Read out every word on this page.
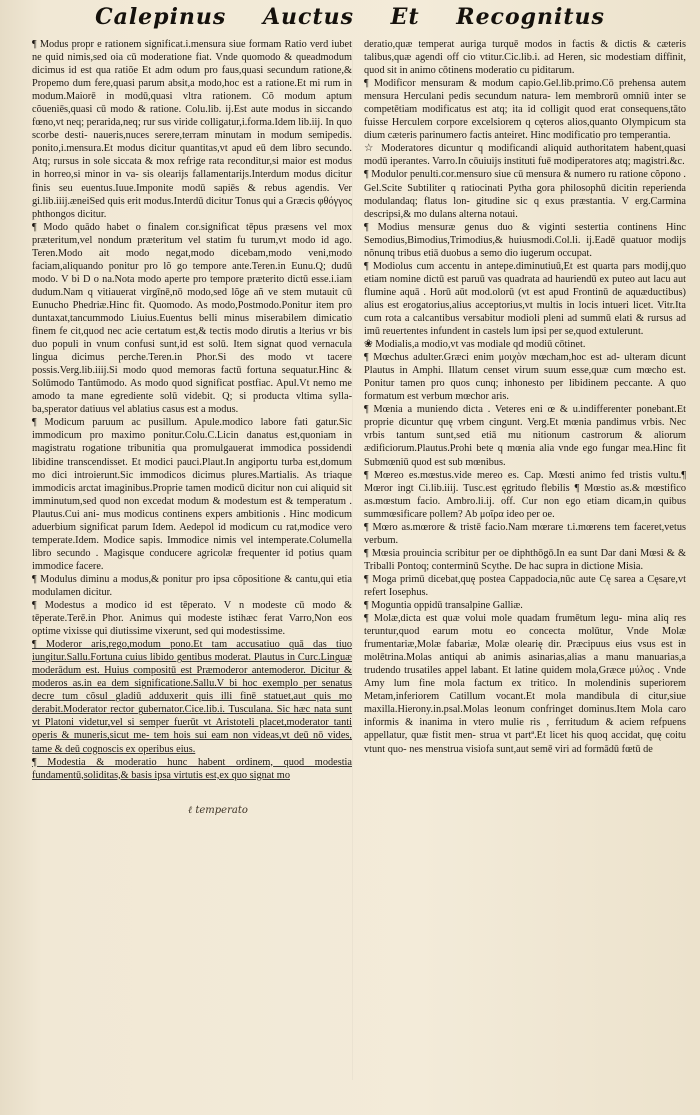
Calepinus Auctus Et Recognitus

¶ Modus propr e rationem significat.i.mensura siue formam Ratio verd iubet ne quid nimis,sed oia cū moderatione fiat. Vnde quomodo & queadmodum dicimus id est qua ratiõe Et adm odum pro faus,quasi secundum ratione,& Propemo dum fere,quasi parum absit,a modo,hoc est a ratione.Et mi rum in modum.Maiorē in modū,quasi vltra rationem. Cõ modum aptum cõueniēs,quasi cū modo & ratione. Colu.lib. ij.Est aute modus in siccando fœno,vt neq; perarida,neq; rur sus viride colligatur,i.forma.Idem lib.iij. In quo scorbe desti- naueris,nuces serere,terram minutam in modum semipedis. ponito,i.mensura.Et modus dicitur quantitas,vt apud eū dem libro secundo. Atq; rursus in sole siccata & mox refrige rata reconditur,si maior est modus in horreo,si minor in va- sis olearijs fallamentarijs.Interdum modus dicitur finis seu euentus.Iuue.Imponite modū sapiēs & rebus agendis. Ver gi.lib.iiij.æneiSed quis erit modus.Interdū dicitur Tonus qui a Græcis φθόγγος phthongos dicitur.

¶ Modo quādo habet o finalem cor.significat tēpus præsens vel mox præteritum,vel nondum præteritum vel statim fu turum,vt modo id ago. Teren.Modo ait modo negat,modo dicebam,modo veni,modo faciam,aliquando ponitur pro lõ go tempore ante.Teren.in Eunu.Q; dudū modo. V bi D o na.Nota modo aperte pro tempore præterito dictū esse.i.iam dudum.Nam q vitiauerat virgīnē,nō modo,sed lõge añ ve stem mutauit cū Eunucho Phedriæ.Hinc fit. Quomodo. As modo,Postmodo.Ponitur item pro duntaxat,tancummodo Liuius.Euentus belli minus miserabilem dimicatio finem fe cit,quod nec acie certatum est,& tectis modo dirutis a lterius vr bis duo populi in vnum confusi sunt,id est solū. Item signat quod vernacula lingua dicimus perche.Teren.in Phor.Si des modo vt tacere possis.Verg.lib.iiij.Si modo quod memoras factū fortuna sequatur.Hinc & Solūmodo Tantūmodo. As modo quod significat postfiac. Apul.Vt nemo me amodo ta mane egrediente solū videbit. Q; si producta vltima sylla- ba,sperator datiuus vel ablatius casus est a modus.

¶ Modicum paruum ac pusillum. Apule.modico labore fati gatur.Sic immodicum pro maximo ponitur.Colu.C.Licin danatus est,quoniam in magistratu rogatione tribunitia qua promulgauerat immodica possidendi libidine transcendisset. Et modici pauci.Plaut.In angiportu turba est,domum mo dici introierunt.Sic immodicos dicimus plures.Martialis. As triaque immodicis arctat imaginibus.Proprie tamen modicū dicitur non cui aliquid sit imminutum,sed quod non excedat modum & modestum est & temperatum . Plautus.Cui ani- mus modicus continens expers ambitionis . Hinc modicum aduerbium significat parum Idem. Aedepol id modicum cu rat,modice vero temperate.Idem. Modice sapis. Immodice nimis vel intemperate.Columella libro secundo . Magisque conducere agricolæ frequenter id potius quam immodice facere.

¶ Modulus diminu a modus,& ponitur pro ipsa cõpositione & cantu,qui etia modulamen dicitur.

¶ Modestus a modico id est tēperato. V n modeste cū modo & tēperate.Terē.in Phor. Animus qui modeste istihæc ferat Varro,Non eos optime vixisse qui diutissime vixerunt, sed qui modestissime.

¶ Moderor aris,rego,modum pono.Et tam accusatiuo quā das tiuo iungitur.Sallu.Fortuna cuius libido gentibus moderat. Plautus in Curc.Linguæ moderādum est. Huius compositū est Præmoderor antemoderor. Dicitur & moderos as.in ea dem significatione.Sallu.V bi hoc exemplo per senatus decre tum cõsul gladiū adduxerit quis illi finē statuet,aut quis mo derabit.Moderator rector gubernator.Cice.lib.i. Tusculana. Sic hæc nata sunt vt Platoni videtur,vel si semper fuerūt vt Aristoteli placet,moderator tanti operis & muneris,sicut me- tem hois sui eam non videas,vt deū nō vides, tame & deū cognoscis ex operibus eius.

¶ Modestia & moderatio hunc habent ordinem, quod modestia fundamentū,soliditas,& basis ipsa virtutis est,ex quo signat mo

deratio,quæ temperat auriga turquē modos in factis & dictis & cæteris talibus,quæ agendi off cio vtitur.Cic.lib.i. ad Heren, sic modestiam diffinit, quod sit in animo cōtinens moderatio cu piditarum.

¶ Modificor mensuram & modum capio.Gel.lib.primo.Cō prehensa autem mensura Herculani pedis secundum natura- lem membrorū omniū inter se competētiam modificatus est atq; ita id colligit quod erat consequens,tāto fuisse Herculem corpore excelsiorem q cęteros alios,quanto Olympicum sta dium cæteris parinumero factis anteiret. Hinc modificatio pro temperantia.

☆ Moderatores dicuntur q modificandi aliquid authoritatem habent,quasi modū iperantes. Varro.In cōuiuijs instituti fuē modiperatores atq; magistri.&c.

¶ Modulor penulti.cor.mensuro siue cū mensura & numero ru ratione cõpono . Gel.Scite Subtiliter q ratiocinati Pytha gora philosophū dicitin reperienda modulandaq; flatus lon- gitudine sic q exus præstantia. V erg.Carmina descripsi,& mo dulans alterna notaui.

¶ Modius mensuræ genus duo & viginti sestertia continens Hinc Semodius,Bimodius,Trimodius,& huiusmodi.Col.li. ij.Eadē quatuor modijs nõnunq tribus etiā duobus a semo dio iugerum occupat.

¶ Modiolus cum accentu in antepe.diminutiuū,Et est quarta pars modij,quo etiam nomine dictū est paruū vas quadrata ad hauriendū ex puteo aut lacu aut flumine aquā . Horū aūt mod.olorū (vt est apud Frontinū de aquæductibus) alius est erogatorius,alius acceptorius,vt multis in locis intueri licet. Vitr.Ita cum rota a calcantibus versabitur modioli pleni ad summū elati & rursus ad imū reuertentes infundent in castels lum ipsi per se,quod extulerunt.

❀ Modialis,a modio,vt vas modiale qd modiū cōtinet.

¶ Mœchus adulter.Græci enim μοιχὸν mœcham,hoc est ad- ulteram dicunt Plautus in Amphi. Illatum censet virum suum esse,quæ cum mœcho est. Ponitur tamen pro quos cunq; inhonesto per libidinem peccante. A quo formatum est verbum mœchor aris.

¶ Mœnia a muniendo dicta . Veteres eni œ & u.indifferenter ponebant.Et proprie dicuntur quę vrbem cingunt. Verg.Et mœnia pandimus vrbis. Nec vrbis tantum sunt,sed etiā mu nitionum castrorum & aliorum ædificiorum.Plautus.Prohi bete q mœnia alia vnde ego fungar mea.Hinc fit Submœniū quod est sub mœnibus.

¶ Mœreo es.mœstus.vide mereo es. Cap. Mœsti animo fed tristis vultu.¶ Mœror ingt Ci.lib.iiij. Tusc.est ęgritudo flebilis ¶ Mœstio as.& mœstifico as.mœstum facio. Ambro.li.ij. off. Cur non ego etiam dicam,in quibus summœsificare pollem? Ab μοῖρα ideo per oe.

¶ Mœro as.mœrore & tristē facio.Nam mœrare t.i.mœrens tem faceret,vetus verbum.

¶ Mœsia prouincia scribitur per oe diphthōgō.In ea sunt Dar dani Mœsi & & Triballi Pontoq; conterminū Scythe. De hac supra in dictione Misia.

¶ Moga primū dicebat,quę postea Cappadocia,nūc aute Cę sarea a Cęsare,vt refert Iosephus.

¶ Moguntia oppidū transalpine Galliæ.

¶ Molæ,dicta est quæ volui mole quadam frumētum legu- mina aliq res teruntur,quod earum motu eo concecta molūtur, Vnde Molæ frumentariæ,Molæ fabariæ, Molæ olearię dir. Præcipuus eius vsus est in molētrina.Molas antiqui ab animis asinarias,alias a manu manuarias,a trudendo trusatiles appel labant. Et latine quidem mola,Græce μύλος . Vnde Amy lum fine mola factum ex tritico. In molendinis superiorem Metam,inferiorem Catillum vocant.Et mola mandibula di citur,siue maxilla.Hierony.in.psal.Molas leonum confringet dominus.Item Mola caro informis & inanima in vtero mulie ris , ferritudum & aciem refpuens appellatur, quæ fistit men- strua vt partª.Et licet his quoq accidat, quę coitu vtunt quo- nes menstrua visiofa sunt,aut semē viri ad formādū fœtū de

ℓ temperato
